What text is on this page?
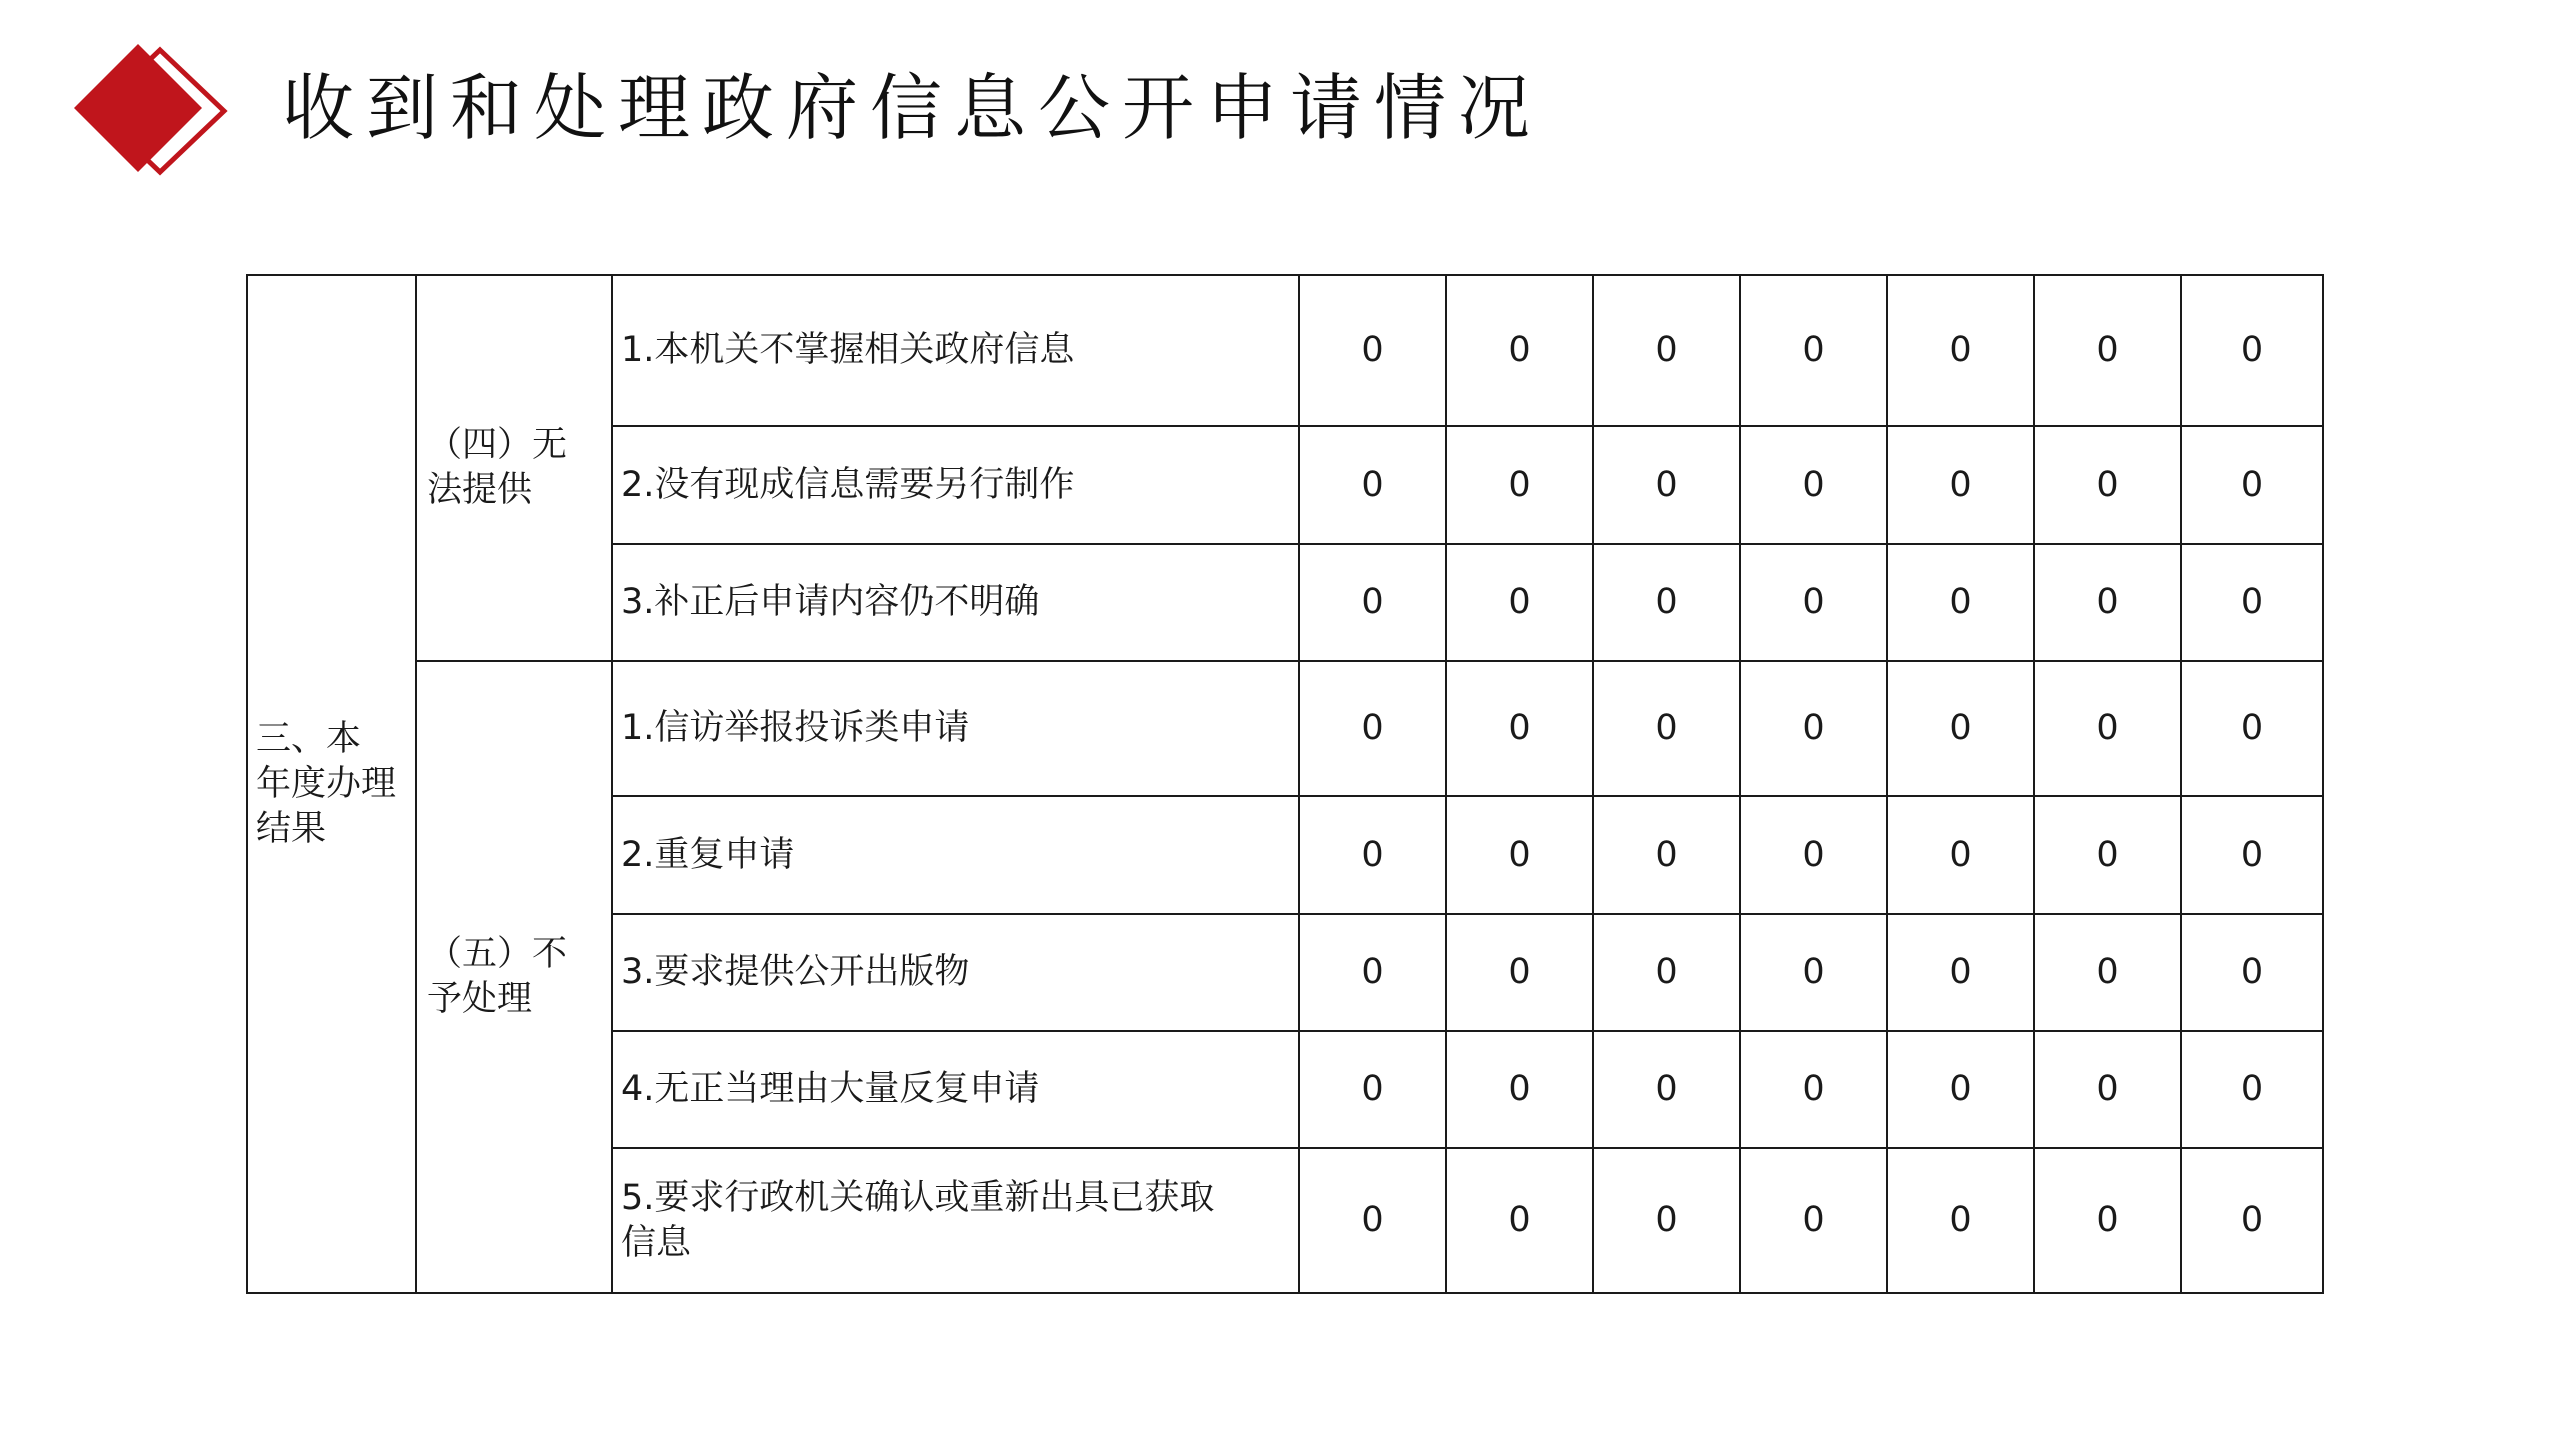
收到和处理政府信息公开申请情况
三、本
年度办理
结果	（四）无
法提供	1.本机关不掌握相关政府信息	0	0	0	0	0	0	0

		2.没有现成信息需要另行制作	0	0	0	0	0	0	0

		3.补正后申请内容仍不明确	0	0	0	0	0	0	0

	（五）不
予处理	1.信访举报投诉类申请	0	0	0	0	0	0	0

		2.重复申请	0	0	0	0	0	0	0

		3.要求提供公开出版物	0	0	0	0	0	0	0

		4.无正当理由大量反复申请	0	0	0	0	0	0	0

		5.要求行政机关确认或重新出具已获取
信息	0	0	0	0	0	0	0
